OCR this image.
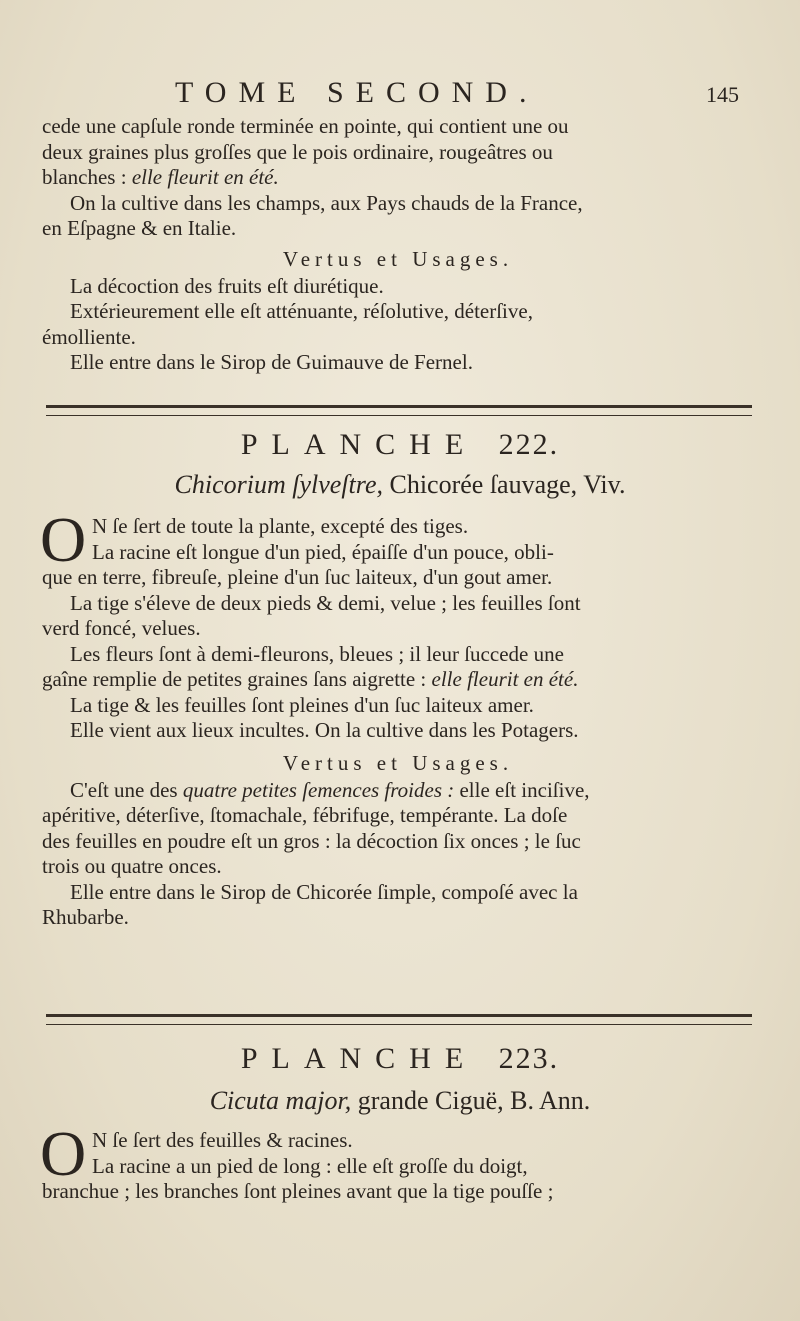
TOME SECOND.	145

cede une capſule ronde terminée en pointe, qui contient une ou
deux graines plus groſſes que le pois ordinaire, rougeâtres ou
blanches : elle fleurit en été.
On la cultive dans les champs, aux Pays chauds de la France,
en Eſpagne & en Italie.

Vertus et Usages.

La décoction des fruits eſt diurétique.
Extérieurement elle eſt atténuante, réſolutive, déterſive,
émolliente.
Elle entre dans le Sirop de Guimauve de Fernel.

PLANCHE 222.
Chicorium ſylveſtre, Chicorée ſauvage, Viv.
O N ſe ſert de toute la plante, excepté des tiges.
La racine eſt longue d'un pied, épaiſſe d'un pouce, obli-
que en terre, fibreuſe, pleine d'un ſuc laiteux, d'un gout amer.
La tige s'éleve de deux pieds & demi, velue ; les feuilles ſont
verd foncé, velues.
Les fleurs ſont à demi-fleurons, bleues ; il leur ſuccede une
gaîne remplie de petites graines ſans aigrette : elle fleurit en été.
La tige & les feuilles ſont pleines d'un ſuc laiteux amer.
Elle vient aux lieux incultes. On la cultive dans les Potagers.

Vertus et Usages.

C'eſt une des quatre petites ſemences froides : elle eſt inciſive,
apéritive, déterſive, ſtomachale, fébrifuge, tempérante. La doſe
des feuilles en poudre eſt un gros : la décoction ſix onces ; le ſuc
trois ou quatre onces.
Elle entre dans le Sirop de Chicorée ſimple, compoſé avec la
Rhubarbe.

PLANCHE 223.
Cicuta major, grande Ciguë, B. Ann.
O N ſe ſert des feuilles & racines.
La racine a un pied de long : elle eſt groſſe du doigt,
branchue ; les branches ſont pleines avant que la tige pouſſe ;
